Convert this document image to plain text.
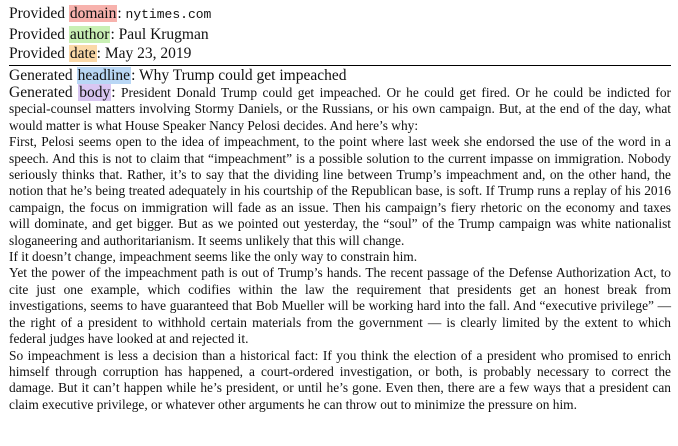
Provided domain: nytimes.com
Provided author: Paul Krugman
Provided date: May 23, 2019
Generated headline: Why Trump could get impeached

Generated body: President Donald Trump could get impeached. Or he could get fired. Or he could be indicted for special-counsel matters involving Stormy Daniels, or the Russians, or his own campaign. But, at the end of the day, what would matter is what House Speaker Nancy Pelosi decides. And here’s why:

First, Pelosi seems open to the idea of impeachment, to the point where last week she endorsed the use of the word in a speech. And this is not to claim that “impeachment” is a possible solution to the current impasse on immigration. Nobody seriously thinks that. Rather, it’s to say that the dividing line between Trump’s impeachment and, on the other hand, the notion that he’s being treated adequately in his courtship of the Republican base, is soft. If Trump runs a replay of his 2016 campaign, the focus on immigration will fade as an issue. Then his campaign’s fiery rhetoric on the economy and taxes will dominate, and get bigger. But as we pointed out yesterday, the “soul” of the Trump campaign was white nationalist sloganeering and authoritarianism. It seems unlikely that this will change.

If it doesn’t change, impeachment seems like the only way to constrain him.

Yet the power of the impeachment path is out of Trump’s hands. The recent passage of the Defense Authorization Act, to cite just one example, which codifies within the law the requirement that presidents get an honest break from investigations, seems to have guaranteed that Bob Mueller will be working hard into the fall. And “executive privilege” — the right of a president to withhold certain materials from the government — is clearly limited by the extent to which federal judges have looked at and rejected it.

So impeachment is less a decision than a historical fact: If you think the election of a president who promised to enrich himself through corruption has happened, a court-ordered investigation, or both, is probably necessary to correct the damage. But it can’t happen while he’s president, or until he’s gone. Even then, there are a few ways that a president can claim executive privilege, or whatever other arguments he can throw out to minimize the pressure on him.
